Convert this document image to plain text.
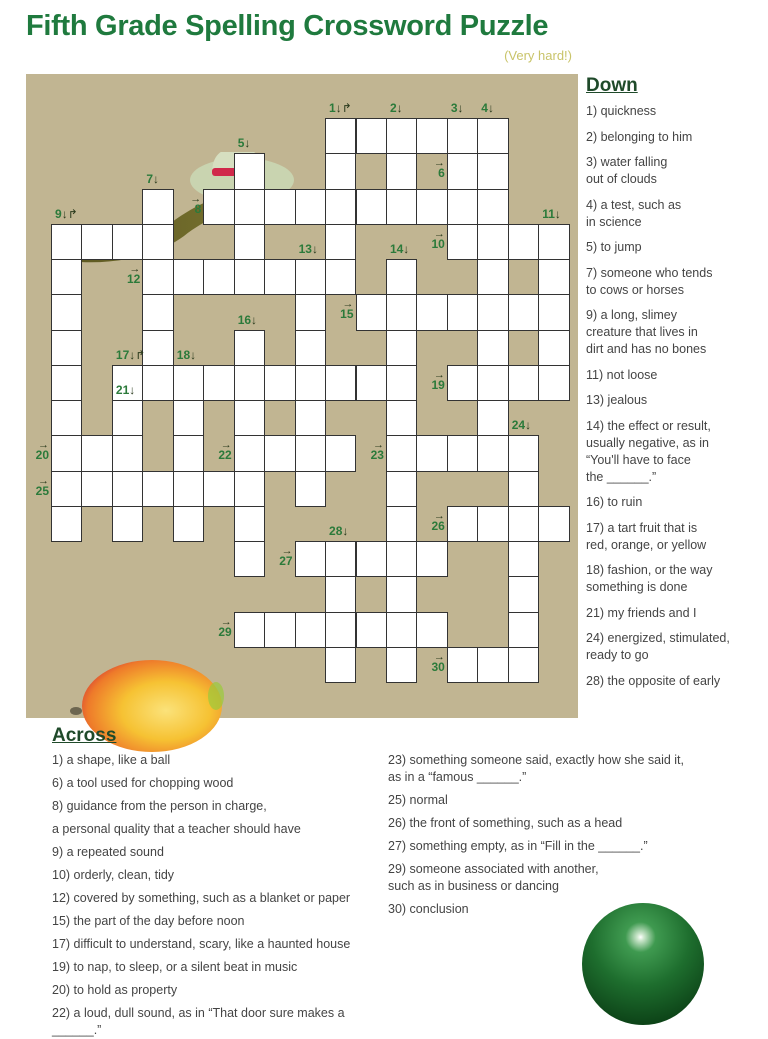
Fifth Grade Spelling Crossword Puzzle
(Very hard!)
1↓↱	2↓	3↓ 4↓
5↓
→
6
7↓
→
8
9↓↱
→
10
11↓
→
12
13↓	14↓
→
15
16↓
17↓↱	18↓
→
19
→
20
21↓
→
22
→
23
24↓
→
25
→
26
→
27
28↓
→
29
→
30
Down
1) quickness
2) belonging to him
3) water falling
out of clouds
4) a test, such as
in science
5) to jump
7) someone who tends
to cows or horses
9) a long, slimey
creature that lives in
dirt and has no bones
11) not loose
13) jealous
14) the effect or result,
usually negative, as in
“You'll have to face
the ______.”
16) to ruin
17) a tart fruit that is
red, orange, or yellow
18) fashion, or the way
something is done
21) my friends and I
24) energized, stimulated,
ready to go
28) the opposite of early
Across
1) a shape, like a ball
6) a tool used for chopping wood
8) guidance from the person in charge,
a personal quality that a teacher should have
9) a repeated sound
10) orderly, clean, tidy
12) covered by something, such as a blanket or paper
15) the part of the day before noon
17) difficult to understand, scary, like a haunted house
19) to nap, to sleep, or a silent beat in music
20) to hold as property
22) a loud, dull sound, as in “That door sure makes a ______.”
23) something someone said, exactly how she said it,
as in a “famous ______.”
25) normal
26) the front of something, such as a head
27) something empty, as in “Fill in the ______.”
29) someone associated with another,
such as in business or dancing
30) conclusion
